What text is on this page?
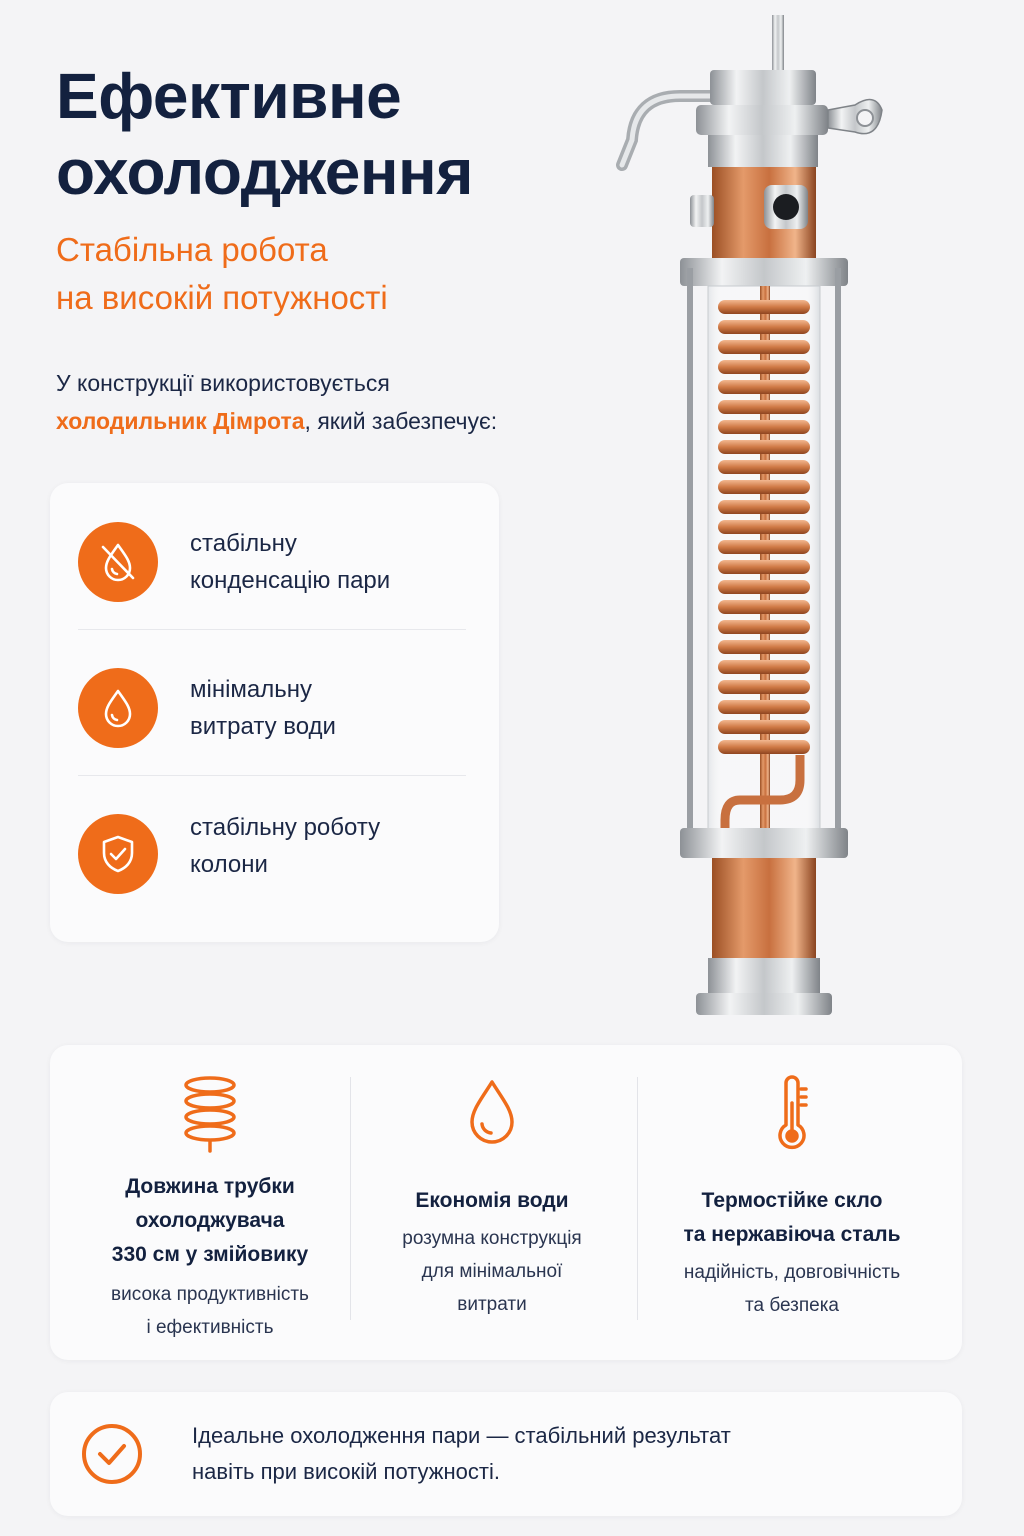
Ефективне
охолодження
Стабільна робота
на високій потужності
У конструкції використовується
холодильник Дімрота, який забезпечує:
стабільну
конденсацію пари
мінімальну
витрату води
стабільну роботу
колони
Довжина трубки
охолоджувача
330 см у змійовику
висока продуктивність
і ефективність
Економія води
розумна конструкція
для мінімальної
витрати
Термостійке скло
та нержавіюча сталь
надійність, довговічність
та безпека
Ідеальне охолодження пари — стабільний результат
навіть при високій потужності.
